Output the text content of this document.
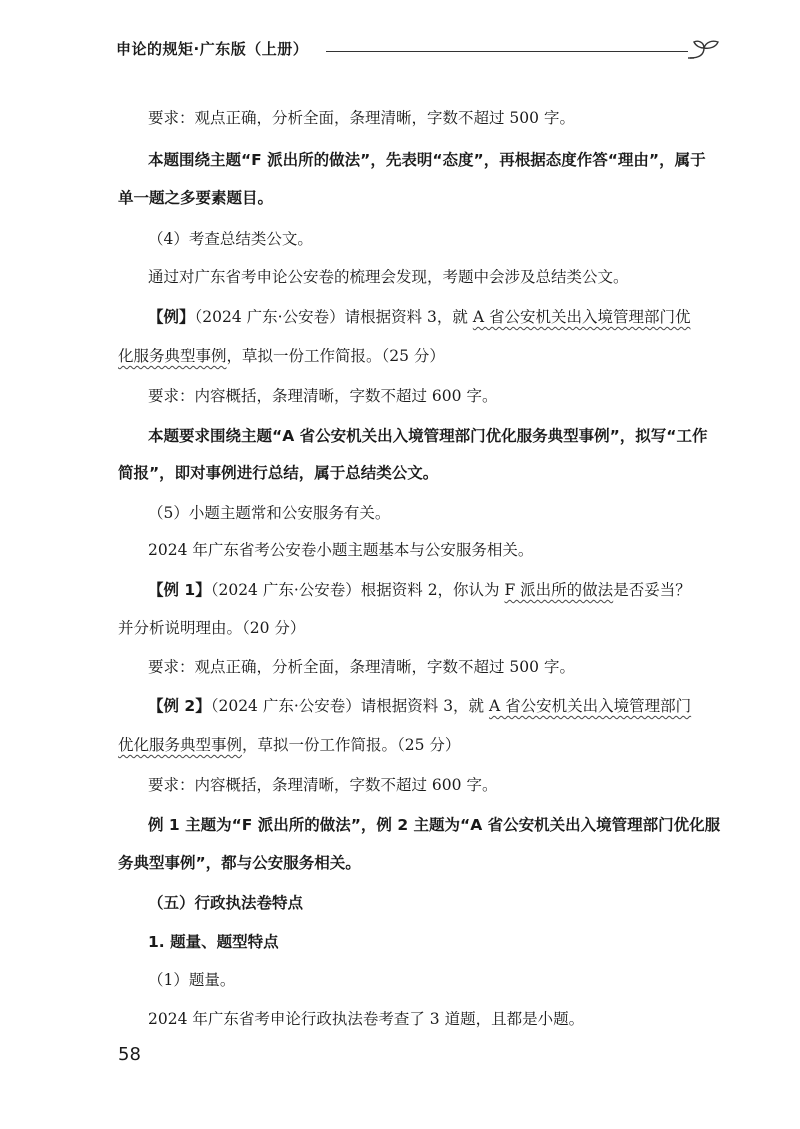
申论的规矩·广东版（上册）
要求：观点正确，分析全面，条理清晰，字数不超过 500 字。
本题围绕主题“F 派出所的做法”，先表明“态度”，再根据态度作答“理由”，属于
单一题之多要素题目。
（4）考查总结类公文。
通过对广东省考申论公安卷的梳理会发现，考题中会涉及总结类公文。
【例】（2024 广东·公安卷）请根据资料 3，就 A 省公安机关出入境管理部门优
化服务典型事例，草拟一份工作简报。（25 分）
要求：内容概括，条理清晰，字数不超过 600 字。
本题要求围绕主题“A 省公安机关出入境管理部门优化服务典型事例”，拟写“工作
简报”，即对事例进行总结，属于总结类公文。
（5）小题主题常和公安服务有关。
2024 年广东省考公安卷小题主题基本与公安服务相关。
【例 1】（2024 广东·公安卷）根据资料 2，你认为 F 派出所的做法是否妥当？
并分析说明理由。（20 分）
要求：观点正确，分析全面，条理清晰，字数不超过 500 字。
【例 2】（2024 广东·公安卷）请根据资料 3，就 A 省公安机关出入境管理部门
优化服务典型事例，草拟一份工作简报。（25 分）
要求：内容概括，条理清晰，字数不超过 600 字。
例 1 主题为“F 派出所的做法”，例 2 主题为“A 省公安机关出入境管理部门优化服
务典型事例”，都与公安服务相关。
（五）行政执法卷特点
1. 题量、题型特点
（1）题量。
2024 年广东省考申论行政执法卷考查了 3 道题，且都是小题。
58
